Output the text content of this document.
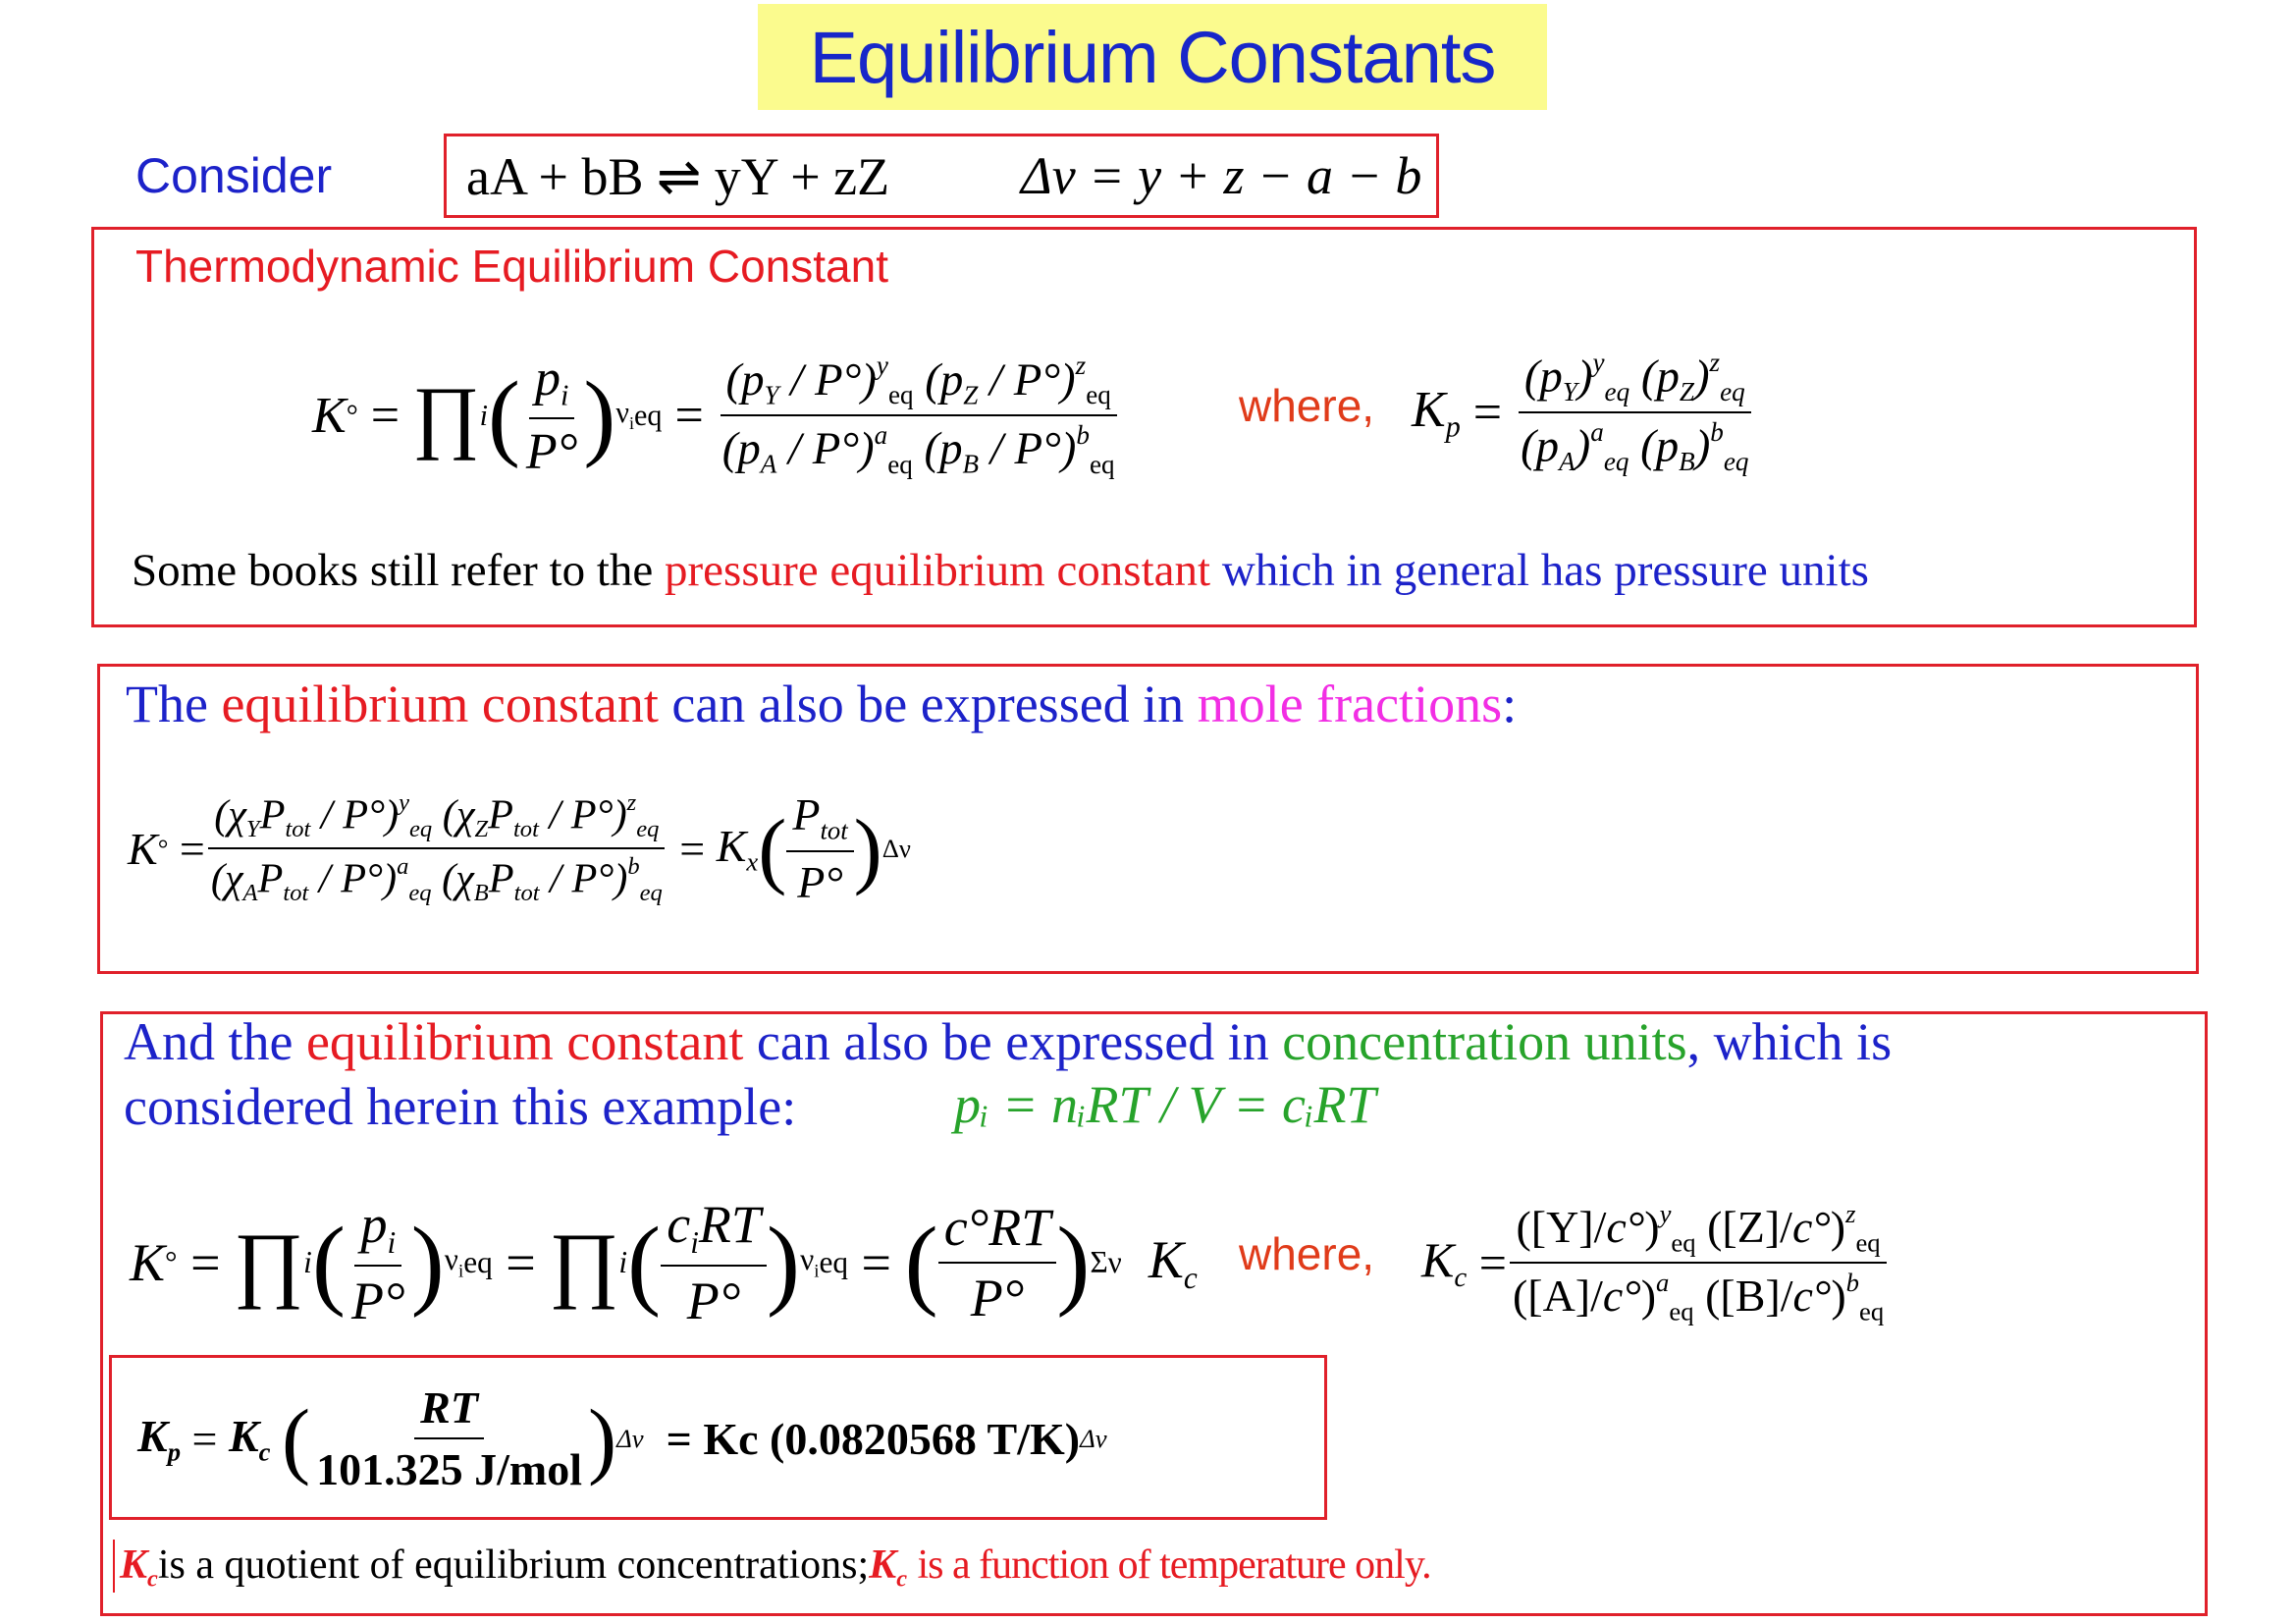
Equilibrium Constants
Consider	aA + bB ⇌ yY + zZ Δν = y + z − a − b
Thermodynamic Equilibrium Constant
K ° = ∏ i ( $\frac{p_i}{P^\circ}$ ) $\nu_i$ eq = $\frac{(p_Y / P^\circ)^y_{eq} (p_Z / P^\circ)^z_{eq}}{(p_A / P^\circ)^a_{eq} (p_B / P^\circ)^b_{eq}}$	where, $K_p = \frac{(p_Y)^y_{eq} (p_Z)^z_{eq}}{(p_A)^a_{eq} (p_B)^b_{eq}}$
Some books still refer to the pressure equilibrium constant which in general has pressure units
The equilibrium constant can also be expressed in mole fractions:
K ° = $\frac{(\chi_YP_{tot} / P^\circ)^y_{eq} (\chi_ZP_{tot} / P^\circ)^z_{eq}}{(\chi_AP_{tot} / P^\circ)^a_{eq} (\chi_BP_{tot} / P^\circ)^b_{eq}} = K_x$ ( $\frac{P_{tot}}{P^\circ}$ ) Δν
And the equilibrium constant can also be expressed in concentration units, which is
considered herein this example:	pᵢ = nᵢRT / V = cᵢRT
K ° = ∏ i ( $\frac{p_i}{P^\circ}$ ) $\nu_i$ eq = ∏ i ( $\frac{c_iRT}{P^\circ}$ ) $\nu_i$ eq = ( $\frac{c^\circ RT}{P^\circ}$ ) Σν
$K_c$ where, $K_c = \frac{([Y]/c^\circ)^y_{eq} ([Z]/c^\circ)^z_{eq}}{([A]/c^\circ)^a_{eq} ([B]/c^\circ)^b_{eq}}$
$K_p = K_c$
( $\frac{RT}{\text{101.325 J/mol}}$ ) Δv
= Kc (0.0820568 T/K) Δv
$K_cis$ a quotient of equilibrium $concentrations;K_c$ is a function of temperature only.
